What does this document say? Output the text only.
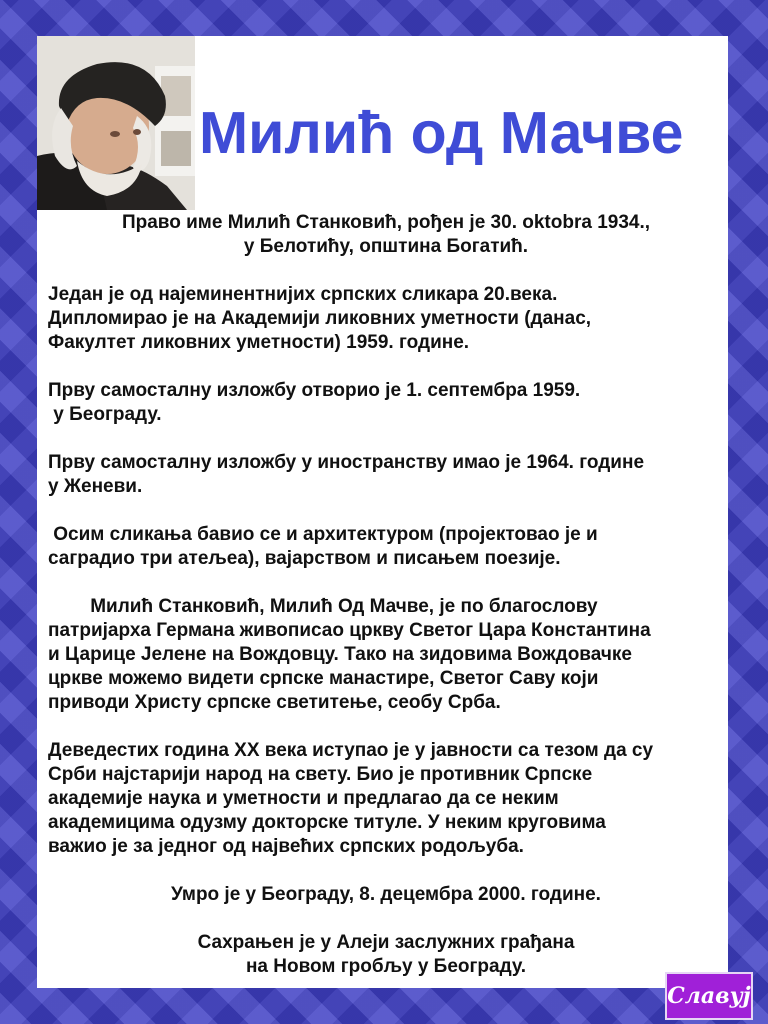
Милић од Мачве
Право име Милић Станковић, рођен је 30. oktobra 1934.,
у Белотићу, општина Богатић.
Један је од најеминентнијих српских сликара 20.века.
Дипломирао је на Академији ликовних уметности (данас,
Факултет ликовних уметности) 1959. године.
Прву самосталну изложбу отворио је 1. септембра 1959.
у Београду.
Прву самосталну изложбу у иностранству имао је 1964. године
у Женеви.
Осим сликања бавио се и архитектуром (пројектовао је и
саградио три атељеа), вајарством и писањем поезије.
Милић Станковић, Милић Од Мачве, је по благослову
патријарха Германа живописао цркву Светог Цара Константина
и Царице Јелене на Вождовцу. Тако на зидовима Вождовачке
цркве можемо видети српске манастире, Светог Саву који
приводи Христу српске светитење, сеобу Срба.
Деведестих година XX века иступао је у јавности са тезом да су
Срби најстарији народ на свету. Био је противник Српске
академије наука и уметности и предлагао да се неким
академицима одузму докторске титуле. У неким круговима
важио је за једног од највећих српских родољуба.
Умро је у Београду, 8. децембра 2000. године.
Сахрањен је у Алеји заслужних грађана
на Новом гробљу у Београду.
Славуј
